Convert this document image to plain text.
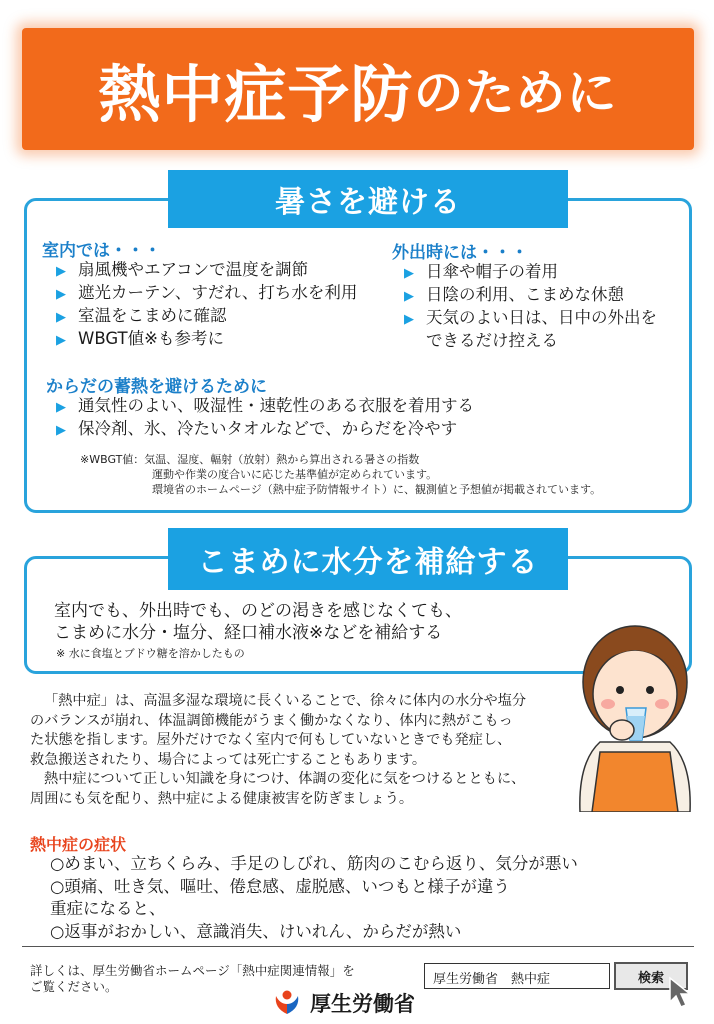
熱中症予防 のために
暑さを避ける
室内では・・・
▶ 扇風機やエアコンで温度を調節
▶ 遮光カーテン、すだれ、打ち水を利用
▶ 室温をこまめに確認
▶ WBGT値※も参考に
外出時には・・・
▶ 日傘や帽子の着用
▶ 日陰の利用、こまめな休憩
▶ 天気のよい日は、日中の外出を
できるだけ控える
からだの蓄熱を避けるために
▶ 通気性のよい、吸湿性・速乾性のある衣服を着用する
▶ 保冷剤、氷、冷たいタオルなどで、からだを冷やす
※WBGT値：気温、湿度、輻射（放射）熱から算出される暑さの指数
運動や作業の度合いに応じた基準値が定められています。
環境省のホームページ（熱中症予防情報サイト）に、観測値と予想値が掲載されています。
こまめに水分を補給する
室内でも、外出時でも、のどの渇きを感じなくても、
こまめに水分・塩分、経口補水液※などを補給する
※ 水に食塩とブドウ糖を溶かしたもの

「熱中症」は、高温多湿な環境に長くいることで、徐々に体内の水分や塩分

のバランスが崩れ、体温調節機能がうまく働かなくなり、体内に熱がこもっ

た状態を指します。屋外だけでなく室内で何もしていないときでも発症し、

救急搬送されたり、場合によっては死亡することもあります。

熱中症について正しい知識を身につけ、体調の変化に気をつけるとともに、

周囲にも気を配り、熱中症による健康被害を防ぎましょう。

熱中症の症状
○めまい、立ちくらみ、手足のしびれ、筋肉のこむら返り、気分が悪い
○頭痛、吐き気、嘔吐、倦怠感、虚脱感、いつもと様子が違う
重症になると、
○返事がおかしい、意識消失、けいれん、からだが熱い
詳しくは、厚生労働省ホームページ「熱中症関連情報」を
ご覧ください。	厚生労働省　熱中症	検索
厚生労働省
